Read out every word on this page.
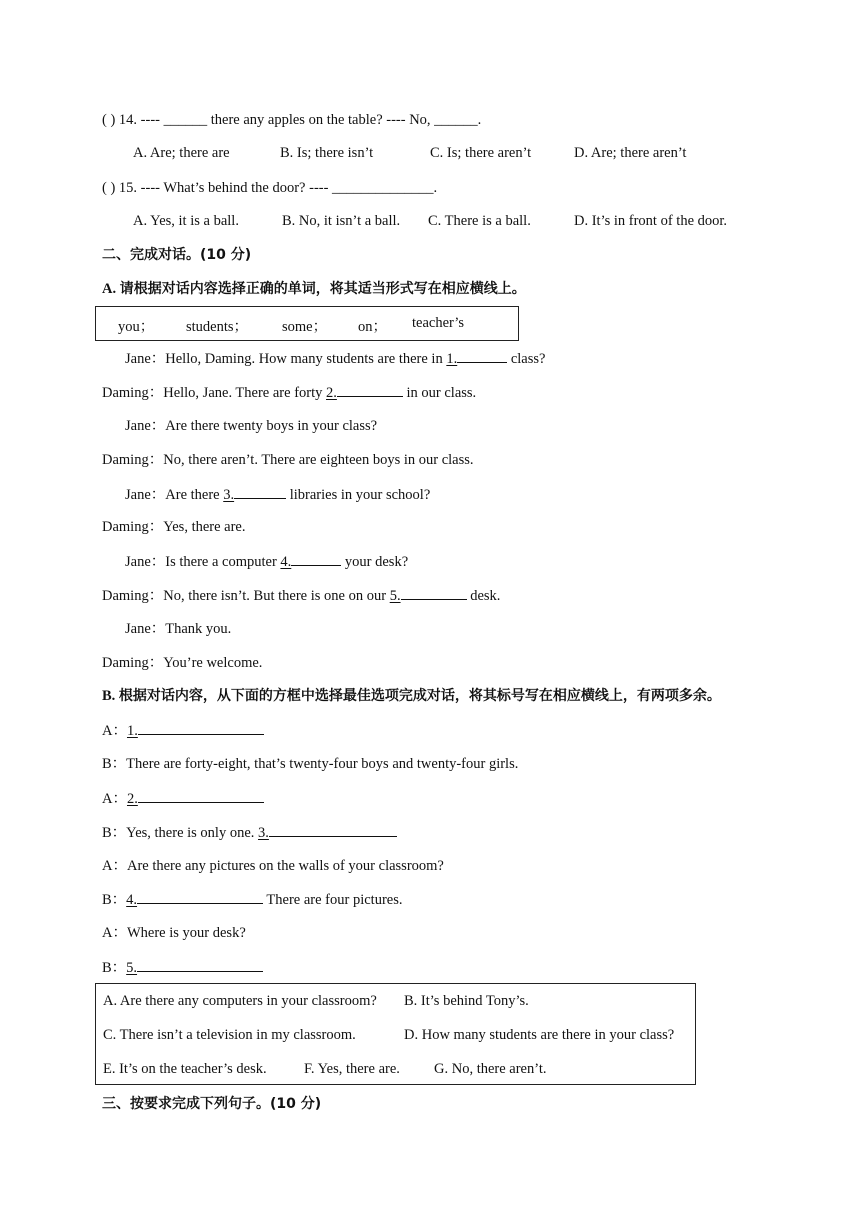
( ) 14. ---- ______ there any apples on the table? ---- No, ______.
A. Are; there are	B. Is; there isn’t	C. Is; there aren’t	D. Are; there aren’t
( ) 15. ---- What’s behind the door? ---- ______________.
A. Yes, it is a ball.	B. No, it isn’t a ball. C. There is a ball.	D. It’s in front of the door.
二、完成对话。(10 分)
A. 请根据对话内容选择正确的单词，将其适当形式写在相应横线上。
you； students； some； on； teacher’s
Jane：Hello, Daming. How many students are there in 1.	class?
Daming：Hello, Jane. There are forty 2.	in our class.
Jane：Are there twenty boys in your class?
Daming：No, there aren’t. There are eighteen boys in our class.
Jane：Are there 3.	libraries in your school?
Daming：Yes, there are.
Jane：Is there a computer 4.	your desk?
Daming：No, there isn’t. But there is one on our 5.	desk.
Jane：Thank you.
Daming：You’re welcome.
B. 根据对话内容，从下面的方框中选择最佳选项完成对话，将其标号写在相应横线上，有两项多余。
A：1.
B：There are forty-eight, that’s twenty-four boys and twenty-four girls.
A：2.
B：Yes, there is only one. 3.
A：Are there any pictures on the walls of your classroom?
B：4.	There are four pictures.
A：Where is your desk?
B：5.
A. Are there any computers in your classroom? B. It’s behind Tony’s.
C. There isn’t a television in my classroom.	D. How many students are there in your class?
E. It’s on the teacher’s desk.	F. Yes, there are. G. No, there aren’t.
三、按要求完成下列句子。(10 分)
